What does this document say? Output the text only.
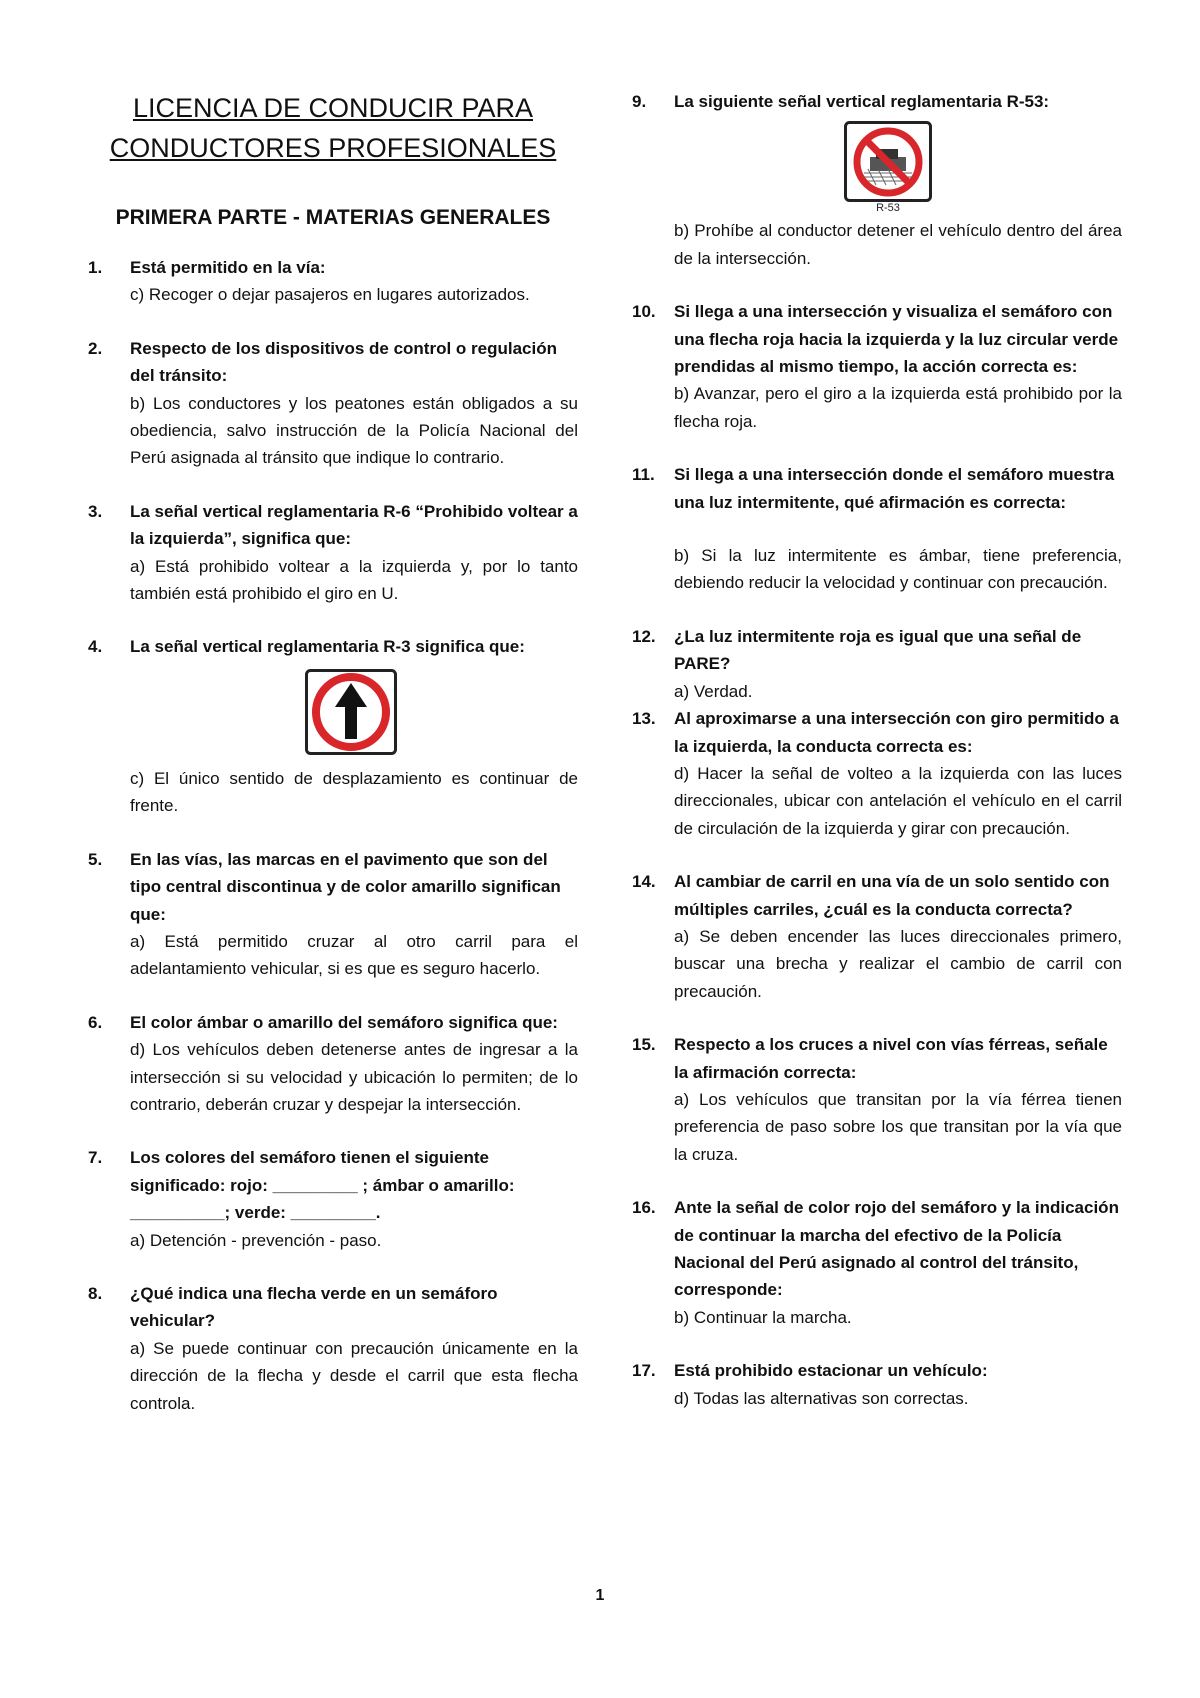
LICENCIA DE CONDUCIR PARA
CONDUCTORES PROFESIONALES
PRIMERA PARTE - MATERIAS GENERALES
1. Está permitido en la vía:
c) Recoger o dejar pasajeros en lugares autorizados.
2. Respecto de los dispositivos de control o regulación del tránsito:
b) Los conductores y los peatones están obligados a su obediencia, salvo instrucción de la Policía Nacional del Perú asignada al tránsito que indique lo contrario.
3. La señal vertical reglamentaria R-6 “Prohibido voltear a la izquierda”, significa que:
a) Está prohibido voltear a la izquierda y, por lo tanto también está prohibido el giro en U.
4. La señal vertical reglamentaria R-3 significa que:
c) El único sentido de desplazamiento es continuar de frente.
5. En las vías, las marcas en el pavimento que son del tipo central discontinua y de color amarillo significan que:
a) Está permitido cruzar al otro carril para el adelantamiento vehicular, si es que es seguro hacerlo.
6. El color ámbar o amarillo del semáforo significa que:
d) Los vehículos deben detenerse antes de ingresar a la intersección si su velocidad y ubicación lo permiten; de lo contrario, deberán cruzar y despejar la intersección.
7. Los colores del semáforo tienen el siguiente significado: rojo: _________ ; ámbar o amarillo: __________; verde: _________.
a) Detención - prevención - paso.
8. ¿Qué indica una flecha verde en un semáforo vehicular?
a) Se puede continuar con precaución únicamente en la dirección de la flecha y desde el carril que esta flecha controla.
9. La siguiente señal vertical reglamentaria R-53:
R-53
b) Prohíbe al conductor detener el vehículo dentro del área de la intersección.
10. Si llega a una intersección y visualiza el semáforo con una flecha roja hacia la izquierda y la luz circular verde prendidas al mismo tiempo, la acción correcta es:
b) Avanzar, pero el giro a la izquierda está prohibido por la flecha roja.
11. Si llega a una intersección donde el semáforo muestra una luz intermitente, qué afirmación es correcta:
b) Si la luz intermitente es ámbar, tiene preferencia, debiendo reducir la velocidad y continuar con precaución.
12. ¿La luz intermitente roja es igual que una señal de PARE?
a) Verdad.
13. Al aproximarse a una intersección con giro permitido a la izquierda, la conducta correcta es:
d) Hacer la señal de volteo a la izquierda con las luces direccionales, ubicar con antelación el vehículo en el carril de circulación de la izquierda y girar con precaución.
14. Al cambiar de carril en una vía de un solo sentido con múltiples carriles, ¿cuál es la conducta correcta?
a) Se deben encender las luces direccionales primero, buscar una brecha y realizar el cambio de carril con precaución.
15. Respecto a los cruces a nivel con vías férreas, señale la afirmación correcta:
a) Los vehículos que transitan por la vía férrea tienen preferencia de paso sobre los que transitan por la vía que la cruza.
16. Ante la señal de color rojo del semáforo y la indicación de continuar la marcha del efectivo de la Policía Nacional del Perú asignado al control del tránsito, corresponde:
b) Continuar la marcha.
17. Está prohibido estacionar un vehículo:
d) Todas las alternativas son correctas.
1
